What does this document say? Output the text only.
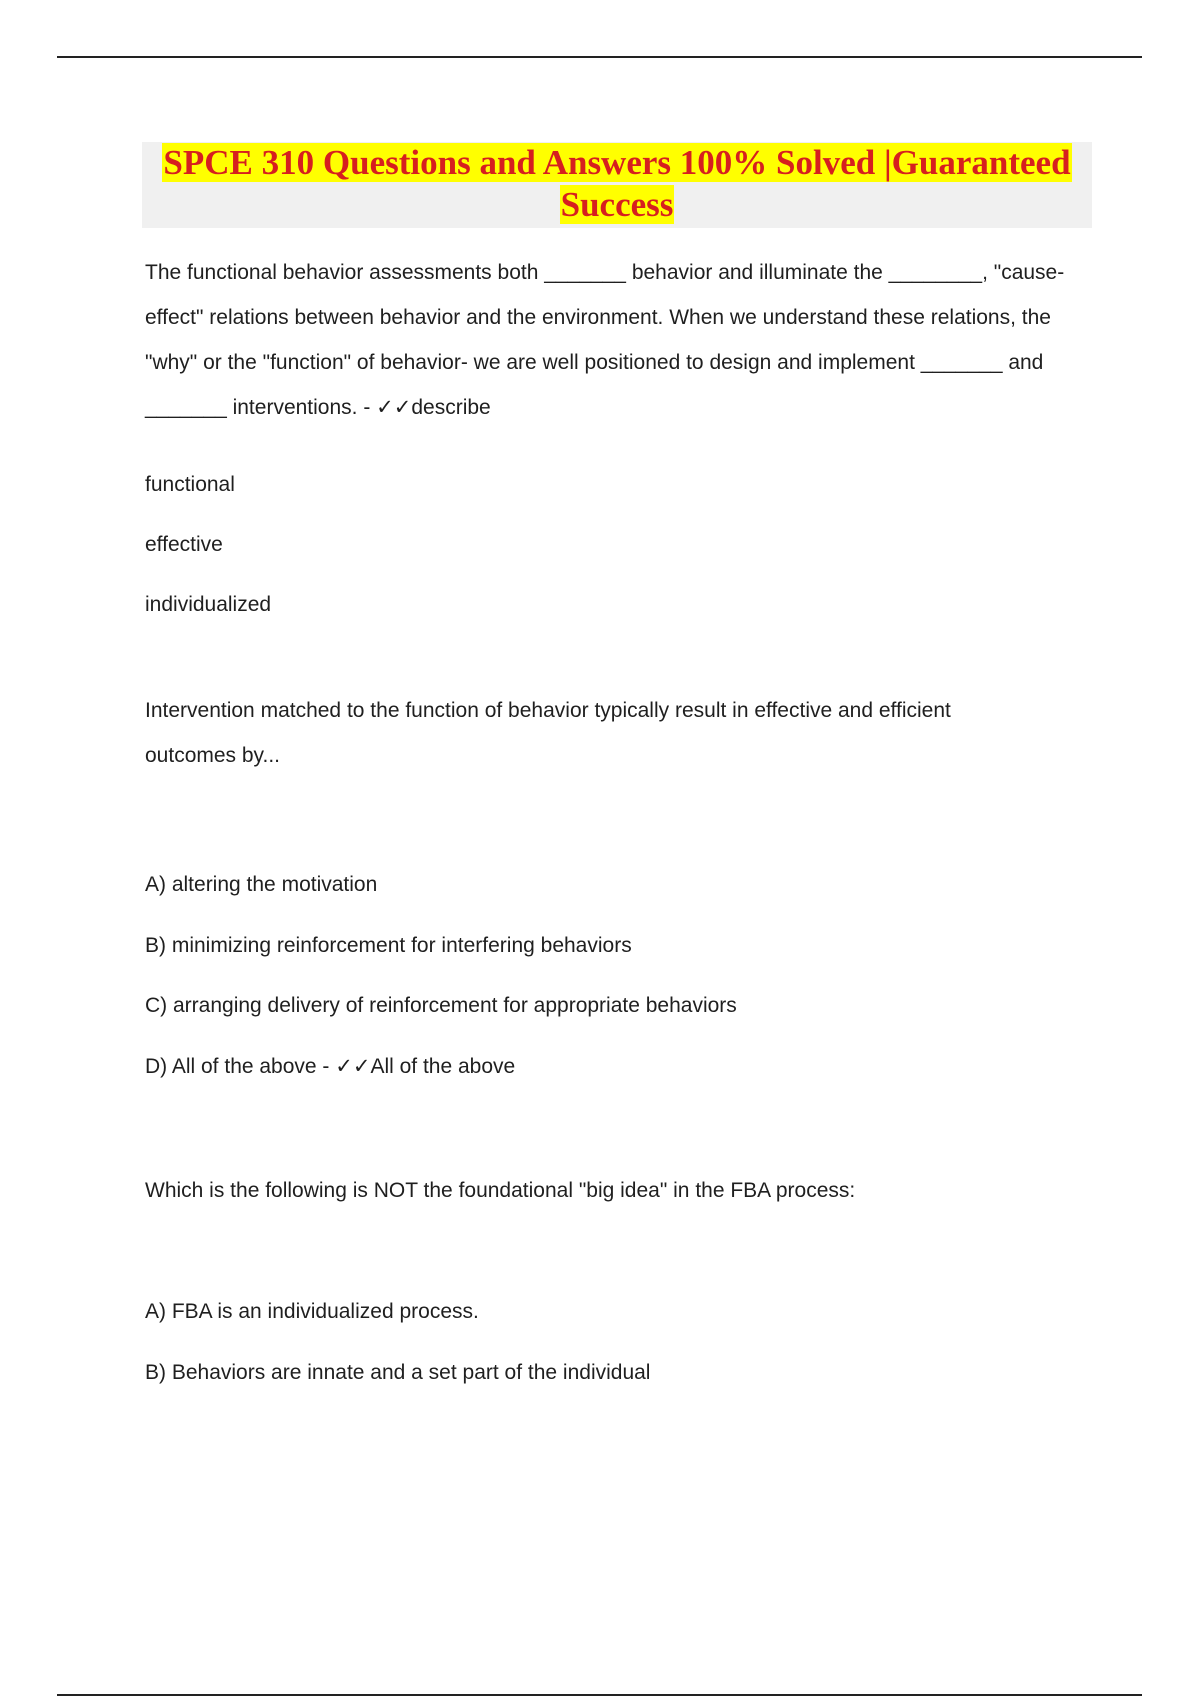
SPCE 310 Questions and Answers 100% Solved |Guaranteed
Success

The functional behavior assessments both _______ behavior and illuminate the ________, "cause-effect" relations between behavior and the environment. When we understand these relations, the "why" or the "function" of behavior- we are well positioned to design and implement _______ and _______ interventions. - ✓✓describe

functional

effective

individualized

Intervention matched to the function of behavior typically result in effective and efficient outcomes by...

A) altering the motivation

B) minimizing reinforcement for interfering behaviors

C) arranging delivery of reinforcement for appropriate behaviors

D) All of the above - ✓✓All of the above

Which is the following is NOT the foundational "big idea" in the FBA process:

A) FBA is an individualized process.

B) Behaviors are innate and a set part of the individual
